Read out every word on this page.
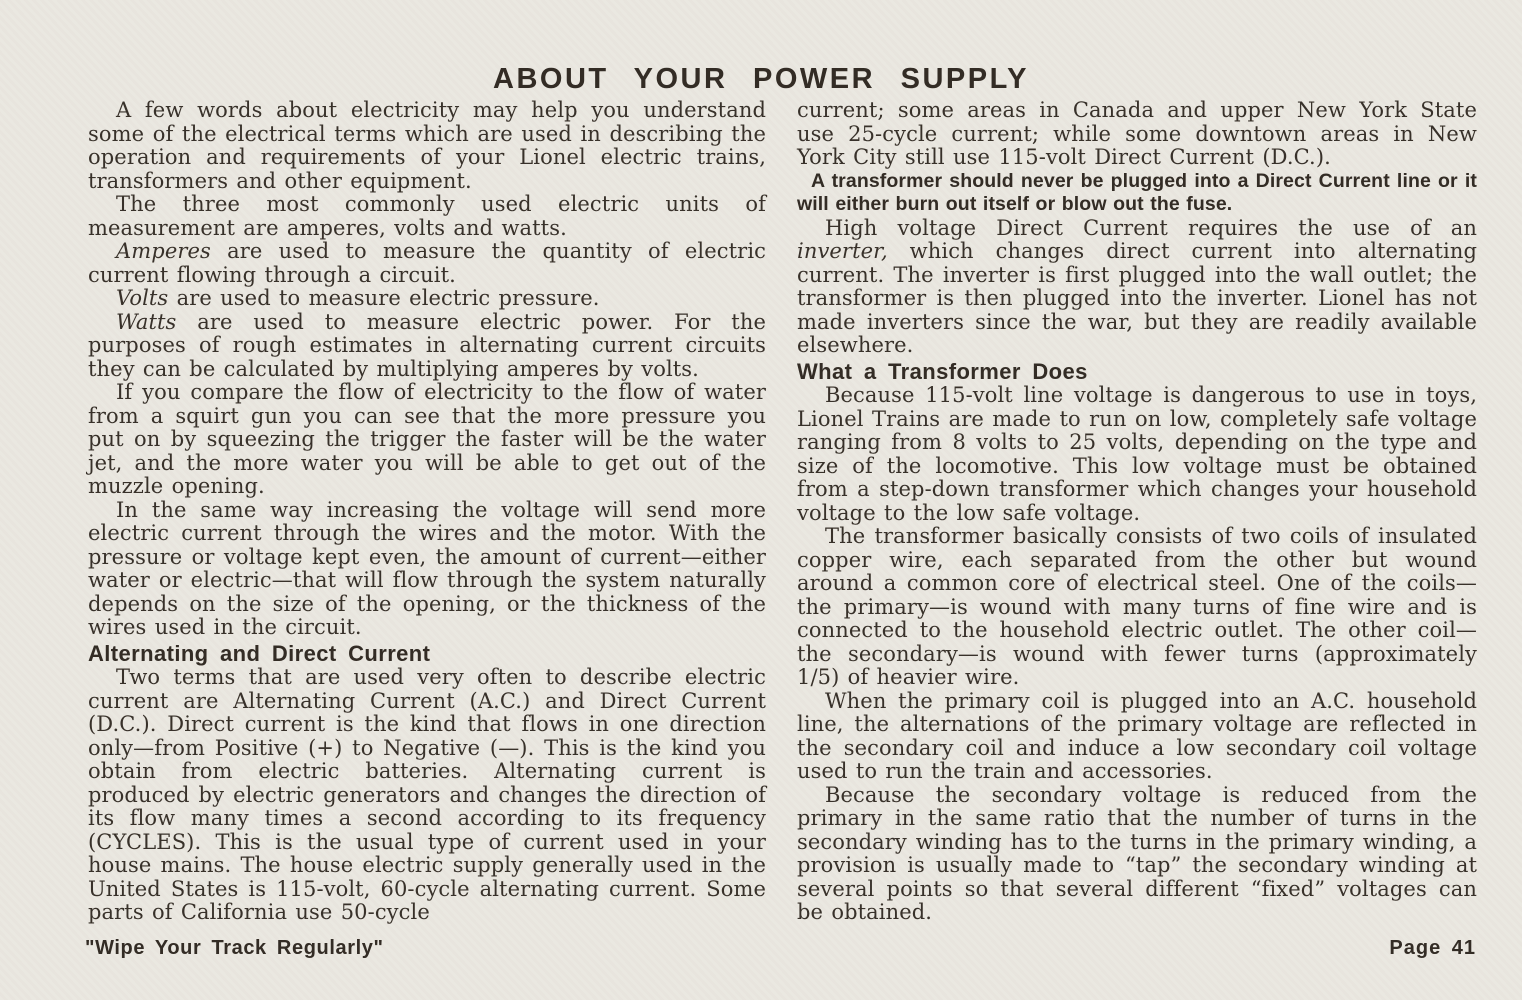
ABOUT YOUR POWER SUPPLY

A few words about electricity may help you understand some of the electrical terms which are used in describing the operation and requirements of your Lionel electric trains, transformers and other equipment.

The three most commonly used electric units of measurement are amperes, volts and watts.

Amperes are used to measure the quantity of electric current flowing through a circuit.

Volts are used to measure electric pressure.

Watts are used to measure electric power. For the purposes of rough estimates in alternating current circuits they can be calculated by multiplying amperes by volts.

If you compare the flow of electricity to the flow of water from a squirt gun you can see that the more pressure you put on by squeezing the trigger the faster will be the water jet, and the more water you will be able to get out of the muzzle opening.

In the same way increasing the voltage will send more electric current through the wires and the motor. With the pressure or voltage kept even, the amount of current—either water or electric—that will flow through the system naturally depends on the size of the opening, or the thickness of the wires used in the circuit.

Alternating and Direct Current

Two terms that are used very often to describe electric current are Alternating Current (A.C.) and Direct Current (D.C.). Direct current is the kind that flows in one direction only—from Positive (+) to Negative (—). This is the kind you obtain from electric batteries. Alternating current is produced by electric generators and changes the direction of its flow many times a second according to its frequency (CYCLES). This is the usual type of current used in your house mains. The house electric supply generally used in the United States is 115-volt, 60-cycle alternating current. Some parts of California use 50-cycle

current; some areas in Canada and upper New York State use 25-cycle current; while some downtown areas in New York City still use 115-volt Direct Current (D.C.).

A transformer should never be plugged into a Direct Current line or it will either burn out itself or blow out the fuse.

High voltage Direct Current requires the use of an inverter, which changes direct current into alternating current. The inverter is first plugged into the wall outlet; the transformer is then plugged into the inverter. Lionel has not made inverters since the war, but they are readily available elsewhere.

What a Transformer Does

Because 115-volt line voltage is dangerous to use in toys, Lionel Trains are made to run on low, completely safe voltage ranging from 8 volts to 25 volts, depending on the type and size of the locomotive. This low voltage must be obtained from a step-down transformer which changes your household voltage to the low safe voltage.

The transformer basically consists of two coils of insulated copper wire, each separated from the other but wound around a common core of electrical steel. One of the coils—the primary—is wound with many turns of fine wire and is connected to the household electric outlet. The other coil—the secondary—is wound with fewer turns (approximately 1/5) of heavier wire.

When the primary coil is plugged into an A.C. household line, the alternations of the primary voltage are reflected in the secondary coil and induce a low secondary coil voltage used to run the train and accessories.

Because the secondary voltage is reduced from the primary in the same ratio that the number of turns in the secondary winding has to the turns in the primary winding, a provision is usually made to “tap” the secondary winding at several points so that several different “fixed” voltages can be obtained.

"Wipe Your Track Regularly"	Page 41
